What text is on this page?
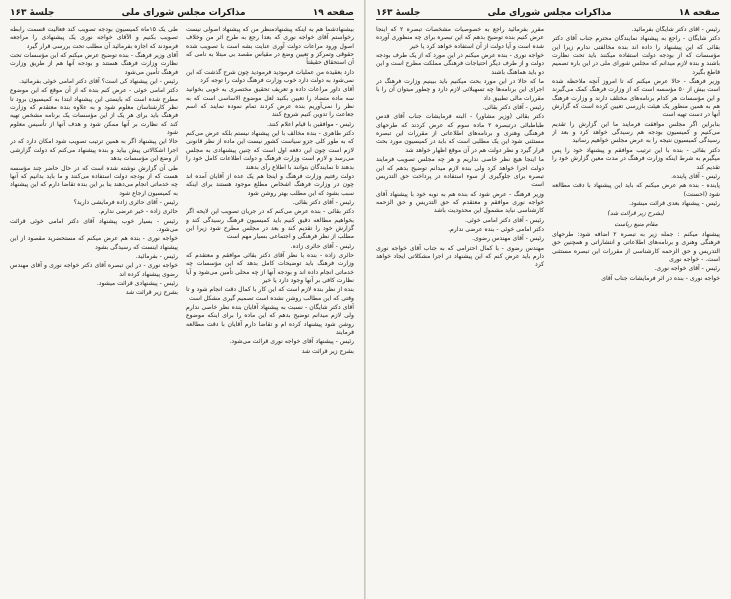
صفحه ۱۹
مذاکرات مجلس شورای ملی
جلسهٔ ۱۶۳

بیشنهادشما هم به اینکه پیشنهادمنظر من که پیشنهاد اصولی نیست رخواستم آقای خواجه نوری که بعدا رجع به طرح اثر من وخلاف اصول ورود مراعات دولت آوری عنایت بشه است با تصویب شده حقوقی وتمرکز و تعیین وضع در مقیاس مقصد بی مبتلا به نامی که آن استحقاق حقیقتاً

دارد بعقیده من عملیات فرمودید فرمودید چون شرح گذشت که این نمی‌شود به دولت دارد خوب وزارت فرهنگ دولت را توجه کرد

آقای داور مراعات داده و تعریف تحقیق مختصری به خوبی بخوانید سه ماده متضاد را تعیین بکنید لعل موضوع الاساسی است که به نظر را نمی‌آوریم بنده عرض کردند تمام نموده نمایند که اسم جعاعت را تدوین کنیم شروع کنند

رئیس - موافقین با قیام اعلام کنند.

دکتر طاهری - بنده مخالف با این پیشنهاد نیستم بلکه عرض می‌کنم که به طور کلی جزو سیاست کشور نیست این ماده از نظر قانونی لازم است چون این دفعه اول است که چنین پیشنهادی به مجلس می‌رسد و لازم است وزارت فرهنگ و دولت اطلاعات کامل خود را بدهند تا نمایندگان بتوانند با اطلاع رأی بدهند

دولت رفتیم وزارت فرهنگ و اینجا هم یک عده از آقایان آمده اند چون در وزارت فرهنگ اشخاص مطلع موجود هستند برای اینکه سبب بشود که این مطلب بهتر روشن شود

رئیس - آقای دکتر بقائی.

دکتر بقائی - بنده عرض می‌کنم که در جریان تصویب این لایحه اگر بخواهیم مطالعه دقیق کنیم باید کمیسیون فرهنگ رسیدگی کند و گزارش خود را تقدیم کند و بعد در مجلس مطرح شود زیرا این مطلب از نظر فرهنگی و اجتماعی بسیار مهم است

رئیس - آقای حائری زاده.

حائری زاده - بنده با نظر آقای دکتر بقائی موافقم و معتقدم که وزارت فرهنگ باید توضیحات کامل بدهد که این مؤسسات چه خدماتی انجام داده اند و بودجه آنها از چه محلی تأمین می‌شود و آیا نظارت کافی بر آنها وجود دارد یا خیر

بنده از نظر بنده لازم است که این کار با کمال دقت انجام شود و تا وقتی که این مطالب روشن نشده است تصمیم گیری مشکل است

آقای دکتر شایگان - نسبت به پیشنهاد آقایان بنده نظر خاصی ندارم ولی لازم میدانم توضیح بدهم که این ماده را برای اینکه موضوع روشن شود پیشنهاد کرده ام و تقاضا دارم آقایان با دقت مطالعه فرمایند

رئیس - پیشنهاد آقای خواجه نوری قرائت می‌شود.

بشرح زیر قرائت شد

طی یک ۱۵ماه کمیسیون بودجه تصویب کند فعالیت قسمت رابطه تصویب بکنیم و الآقای خواجه نوری یک پیشنهادی را مراجعه فرمودند که اجازه بفرمائید آن مطلب تحت بررسی قرار گیرد

آقای وزیر فرهنگ - بنده توضیح عرض میکنم که این مؤسسات تحت نظارت وزارت فرهنگ هستند و بودجه آنها هم از طریق وزارت فرهنگ تأمین می‌شود

رئیس - این پیشنهاد کی است؟ آقای دکتر امامی خوئی بفرمائید.

دکتر امامی خوئی - عرض کنم بنده که از آن موقع که این موضوع مطرح شده است که بایستی این پیشنهاد ابتدا به کمیسیون برود تا نظر کارشناسان معلوم شود و به علاوه بنده معتقدم که وزارت فرهنگ باید برای هر یک از این مؤسسات یک برنامه مشخص تهیه کند که نظارت بر آنها ممکن شود و هدف آنها از تأسیس معلوم شود

حالا این پیشنهاد اگر به همین ترتیب تصویب شود امکان دارد که در اجرا اشکالاتی پیش بیاید و بنده پیشنهاد می‌کنم که دولت گزارشی از وضع این مؤسسات بدهد

طی آن گزارش نوشته شده است که در حال حاضر چند مؤسسه هست که از بودجه دولت استفاده می‌کنند و ما باید بدانیم که آنها چه خدماتی انجام می‌دهند بنا بر این بنده تقاضا دارم که این پیشنهاد به کمیسیون ارجاع شود

رئیس - آقای حائری زاده فرمایشی دارید؟

حائری زاده - خیر عرضی ندارم.

رئیس - بسیار خوب پیشنهاد آقای دکتر امامی خوئی قرائت می‌شود.

خواجه نوری - بنده هم عرض میکنم که مستحضرید مقصود از این پیشنهاد اینست که رسیدگی بشود

رئیس - بفرمائید.

خواجه نوری - در این تبصره آقای دکتر خواجه نوری و آقای مهندس رضوی پیشنهاد کرده اند

رئیس - پیشنهادی قرائت میشود.

بشرح زیر قرائت شد

صفحه ۱۸
مذاکرات مجلس شورای ملی
جلسهٔ ۱۶۳

رئیس - آقای دکتر شایگان بفرمائید.

دکتر شایگان - راجع به پیشنهاد نمایندگان محترم جناب آقای دکتر بقائی که این پیشنهاد را داده اند بنده مخالفتی ندارم زیرا این مؤسسات که از بودجه دولت استفاده میکنند باید تحت نظارت باشند و بنده لازم میدانم که مجلس شورای ملی در این باره تصمیم قاطع بگیرد

وزیر فرهنگ - حالا عرض میکنم که تا امروز آنچه ملاحظه شده است بیش از ۵۰ مؤسسه است که از وزارت فرهنگ کمک می‌گیرند و این مؤسسات هر کدام برنامه‌های مختلف دارند و وزارت فرهنگ هم به همین منظور یک هیئت بازرسی تعیین کرده است که گزارش آنها در دست تهیه است

بنابراین اگر مجلس موافقت فرمایند ما این گزارش را تقدیم می‌کنیم و کمیسیون بودجه هم رسیدگی خواهد کرد و بعد از رسیدگی کمیسیون نتیجه را به عرض مجلس خواهیم رسانید

دکتر بقائی - بنده با این ترتیب موافقم و پیشنهاد خود را پس میگیرم به شرط اینکه وزارت فرهنگ در مدت معین گزارش خود را تقدیم کند

رئیس - آقای پاینده.

پاینده - بنده هم عرض میکنم که باید این پیشنهاد با دقت مطالعه شود (احسنت)

رئیس - پیشنهاد بعدی قرائت میشود.

(بشرح زیر قرائت شد)

مقام منیع ریاست

پیشنهاد میکنم : جمله زیر به تبصره ۲ اضافه شود: طرحهای فرهنگی وهنری و برنامه‌های اطلاعاتی و انتشاراتی و همچنین حق التدریس و حق الزحمه کارشناسی از مقررات این تبصره مستثنی است. - خواجه نوری

رئیس - آقای خواجه نوری.

خواجه نوری - بنده در اثر فرمایشات جناب آقای

مقرر بفرمائید راجع به خصوصیات مشخصات تبصره ۲ که اینجا عرض کنیم بنده توضیح بدهم که این تبصره برای چه منظوری آورده شده است و آیا دولت از آن استفاده خواهد کرد یا خیر

خواجه نوری - بنده عرض میکنم در این مورد که از یک طرف بودجه دولت و از طرف دیگر احتیاجات فرهنگی مملکت مطرح است و این دو باید هماهنگ باشند

ما که حالا در این مورد بحث میکنیم باید ببینیم وزارت فرهنگ در اجرای این برنامه‌ها چه تسهیلاتی لازم دارد و چطور میتوان آن را با مقررات مالی تطبیق داد

رئیس - آقای دکتر بقائی.

دکتر بقائی (وزیر مشاور) - البته فرمایشات جناب آقای قدس طباطبائی درتبصره ۲ ماده سوم که عرض کردند که طرحهای فرهنگی وهنری و برنامه‌های اطلاعاتی از مقررات این تبصره مستثنی شود این یک مطلبی است که باید در کمیسیون مورد بحث قرار گیرد و نظر دولت هم در آن موقع اظهار خواهد شد

ما اینجا هیچ نظر خاصی نداریم و هر چه مجلس تصویب فرمایند دولت اجرا خواهد کرد ولی بنده لازم میدانم توضیح بدهم که این تبصره برای جلوگیری از سوء استفاده در پرداخت حق التدریس است

وزیر فرهنگ - عرض شود که بنده هم به نوبه خود با پیشنهاد آقای خواجه نوری موافقم و معتقدم که حق التدریس و حق الزحمه کارشناسی نباید مشمول این محدودیت باشد

رئیس - آقای دکتر امامی خوئی.

دکتر امامی خوئی - بنده عرضی ندارم.

رئیس - آقای مهندس رضوی.

مهندس رضوی - با کمال احترامی که به جناب آقای خواجه نوری دارم باید عرض کنم که این پیشنهاد در اجرا مشکلاتی ایجاد خواهد کرد
